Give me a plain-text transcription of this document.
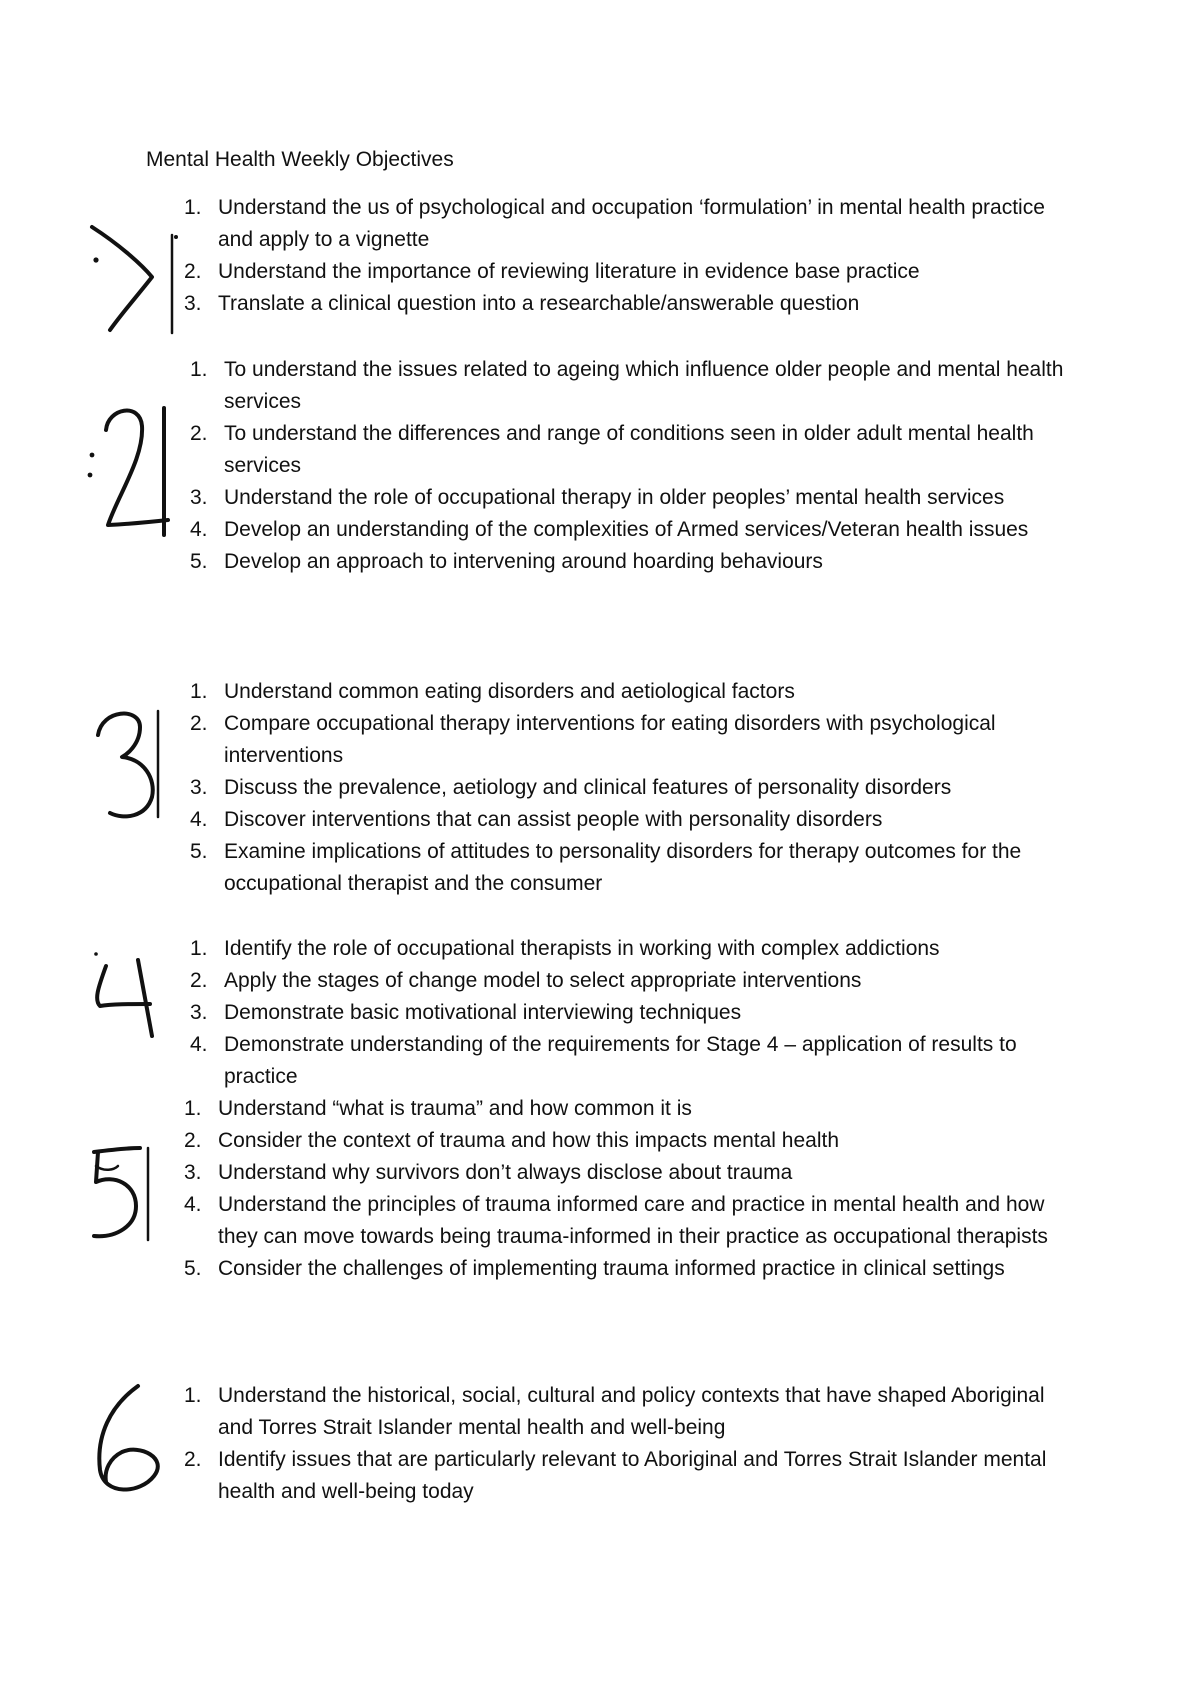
Mental Health Weekly Objectives
1. Understand the us of psychological and occupation ‘formulation’ in mental health practice and apply to a vignette
2. Understand the importance of reviewing literature in evidence base practice
3. Translate a clinical question into a researchable/answerable question
1. To understand the issues related to ageing which influence older people and mental health services
2. To understand the differences and range of conditions seen in older adult mental health services
3. Understand the role of occupational therapy in older peoples’ mental health services
4. Develop an understanding of the complexities of Armed services/Veteran health issues
5. Develop an approach to intervening around hoarding behaviours
1. Understand common eating disorders and aetiological factors
2. Compare occupational therapy interventions for eating disorders with psychological interventions
3. Discuss the prevalence, aetiology and clinical features of personality disorders
4. Discover interventions that can assist people with personality disorders
5. Examine implications of attitudes to personality disorders for therapy outcomes for the occupational therapist and the consumer
1. Identify the role of occupational therapists in working with complex addictions
2. Apply the stages of change model to select appropriate interventions
3. Demonstrate basic motivational interviewing techniques
4. Demonstrate understanding of the requirements for Stage 4 – application of results to practice
1. Understand “what is trauma” and how common it is
2. Consider the context of trauma and how this impacts mental health
3. Understand why survivors don’t always disclose about trauma
4. Understand the principles of trauma informed care and practice in mental health and how they can move towards being trauma-informed in their practice as occupational therapists
5. Consider the challenges of implementing trauma informed practice in clinical settings
1. Understand the historical, social, cultural and policy contexts that have shaped Aboriginal and Torres Strait Islander mental health and well-being
2. Identify issues that are particularly relevant to Aboriginal and Torres Strait Islander mental health and well-being today
